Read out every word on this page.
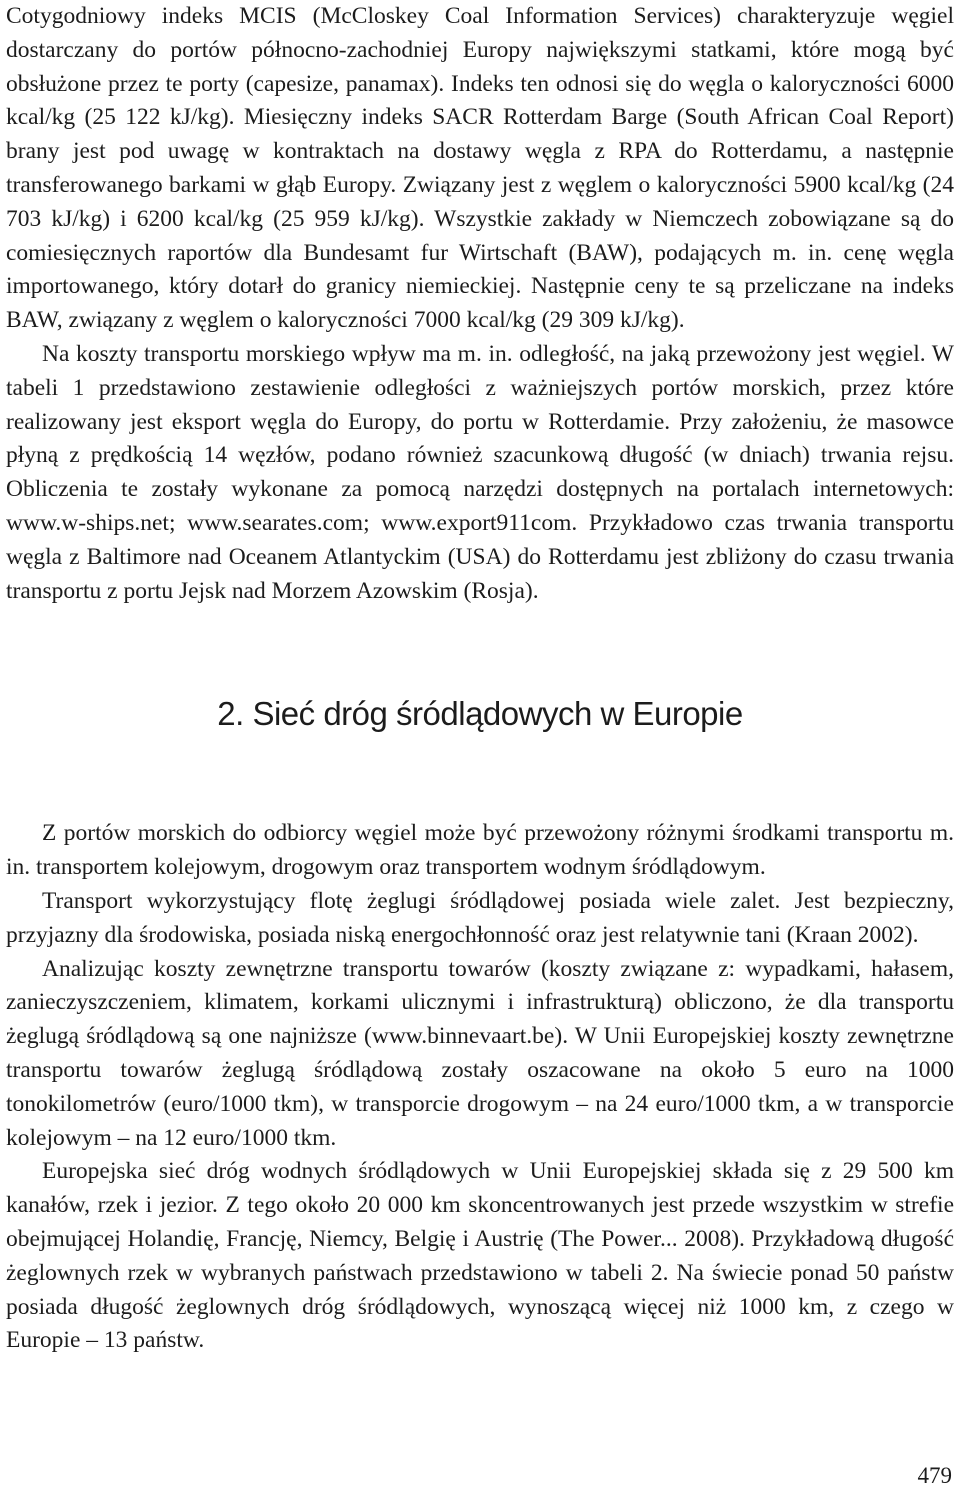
Cotygodniowy indeks MCIS (McCloskey Coal Information Services) charakteryzuje węgiel dostarczany do portów północno-zachodniej Europy największymi statkami, które mogą być obsłużone przez te porty (capesize, panamax). Indeks ten odnosi się do węgla o kaloryczności 6000 kcal/kg (25 122 kJ/kg). Miesięczny indeks SACR Rotterdam Barge (South African Coal Report) brany jest pod uwagę w kontraktach na dostawy węgla z RPA do Rotterdamu, a następnie transferowanego barkami w głąb Europy. Związany jest z węglem o kaloryczności 5900 kcal/kg (24 703 kJ/kg) i 6200 kcal/kg (25 959 kJ/kg). Wszystkie zakłady w Niemczech zobowiązane są do comiesięcznych raportów dla Bundesamt fur Wirtschaft (BAW), podających m. in. cenę węgla importowanego, który dotarł do granicy niemieckiej. Następnie ceny te są przeliczane na indeks BAW, związany z węglem o kaloryczności 7000 kcal/kg (29 309 kJ/kg).

Na koszty transportu morskiego wpływ ma m. in. odległość, na jaką przewożony jest węgiel. W tabeli 1 przedstawiono zestawienie odległości z ważniejszych portów morskich, przez które realizowany jest eksport węgla do Europy, do portu w Rotterdamie. Przy założeniu, że masowce płyną z prędkością 14 węzłów, podano również szacunkową długość (w dniach) trwania rejsu. Obliczenia te zostały wykonane za pomocą narzędzi dostępnych na portalach internetowych: www.w-ships.net; www.searates.com; www.export911com. Przykładowo czas trwania transportu węgla z Baltimore nad Oceanem Atlantyckim (USA) do Rotterdamu jest zbliżony do czasu trwania transportu z portu Jejsk nad Morzem Azowskim (Rosja).

2. Sieć dróg śródlądowych w Europie

Z portów morskich do odbiorcy węgiel może być przewożony różnymi środkami transportu m. in. transportem kolejowym, drogowym oraz transportem wodnym śródlądowym.

Transport wykorzystujący flotę żeglugi śródlądowej posiada wiele zalet. Jest bezpieczny, przyjazny dla środowiska, posiada niską energochłonność oraz jest relatywnie tani (Kraan 2002).

Analizując koszty zewnętrzne transportu towarów (koszty związane z: wypadkami, hałasem, zanieczyszczeniem, klimatem, korkami ulicznymi i infrastrukturą) obliczono, że dla transportu żeglugą śródlądową są one najniższe (www.binnevaart.be). W Unii Europejskiej koszty zewnętrzne transportu towarów żeglugą śródlądową zostały oszacowane na około 5 euro na 1000 tonokilometrów (euro/1000 tkm), w transporcie drogowym – na 24 euro/1000 tkm, a w transporcie kolejowym – na 12 euro/1000 tkm.

Europejska sieć dróg wodnych śródlądowych w Unii Europejskiej składa się z 29 500 km kanałów, rzek i jezior. Z tego około 20 000 km skoncentrowanych jest przede wszystkim w strefie obejmującej Holandię, Francję, Niemcy, Belgię i Austrię (The Power... 2008). Przykładową długość żeglownych rzek w wybranych państwach przedstawiono w tabeli 2. Na świecie ponad 50 państw posiada długość żeglownych dróg śródlądowych, wynoszącą więcej niż 1000 km, z czego w Europie – 13 państw.

479
